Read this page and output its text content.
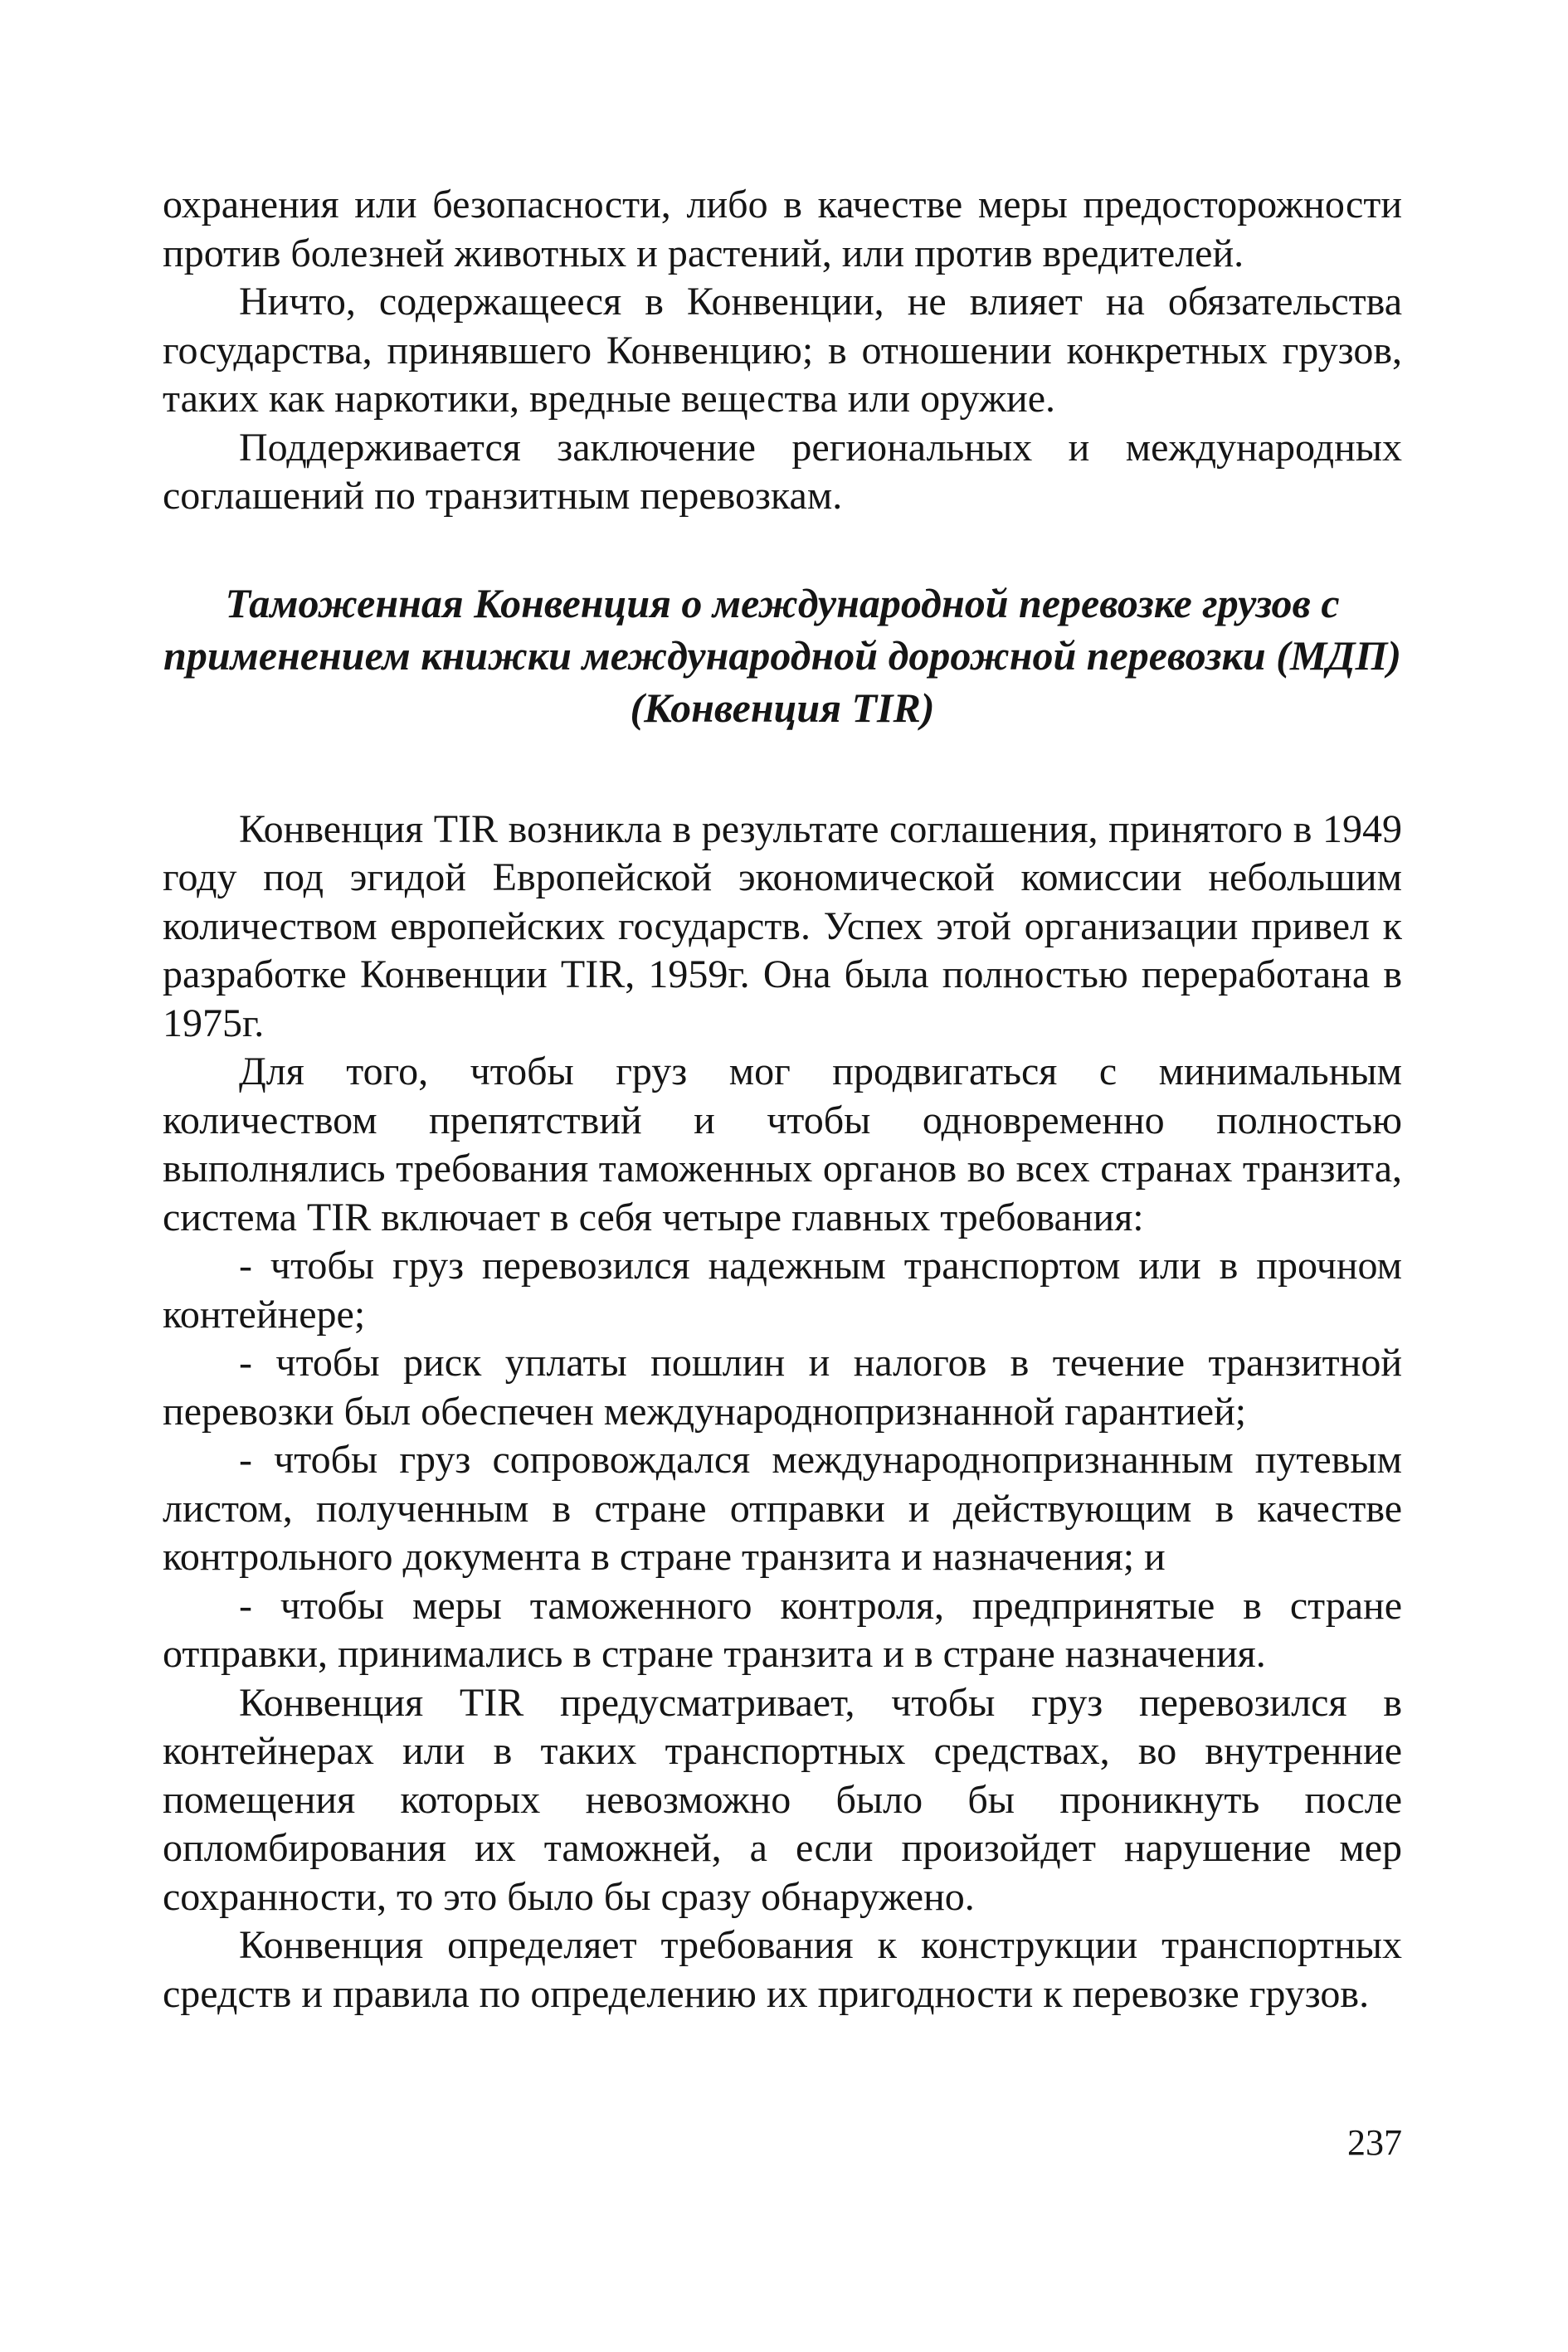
охранения или безопасности, либо в качестве меры предосторожности против болезней животных и растений, или против вредителей.

Ничто, содержащееся в Конвенции, не влияет на обязательства государства, принявшего Конвенцию; в отношении конкретных грузов, таких как наркотики, вредные вещества или оружие.

Поддерживается заключение региональных и международных соглашений по транзитным перевозкам.

Таможенная Конвенция о международной перевозке грузов с
применением книжки международной дорожной перевозки (МДП)
(Конвенция TIR)

Конвенция TIR возникла в результате соглашения, принятого в 1949 году под эгидой Европейской экономической комиссии небольшим количеством европейских государств. Успех этой организации привел к разработке Конвенции TIR, 1959г. Она была полностью переработана в 1975г.

Для того, чтобы груз мог продвигаться с минимальным количеством препятствий и чтобы одновременно полностью выполнялись требования таможенных органов во всех странах транзита, система TIR включает в себя четыре главных требования:

- чтобы груз перевозился надежным транспортом или в прочном контейнере;

- чтобы риск уплаты пошлин и налогов в течение транзитной перевозки был обеспечен международнопризнанной гарантией;

- чтобы груз сопровождался международнопризнанным путевым листом, полученным в стране отправки и действующим в качестве контрольного документа в стране транзита и назначения; и

- чтобы меры таможенного контроля, предпринятые в стране отправки, принимались в стране транзита и в стране назначения.

Конвенция TIR предусматривает, чтобы груз перевозился в контейнерах или в таких транспортных средствах, во внутренние помещения которых невозможно было бы проникнуть после опломбирования их таможней, а если произойдет нарушение мер сохранности, то это было бы сразу обнаружено.

Конвенция определяет требования к конструкции транспортных средств и правила по определению их пригодности к перевозке грузов.

237
